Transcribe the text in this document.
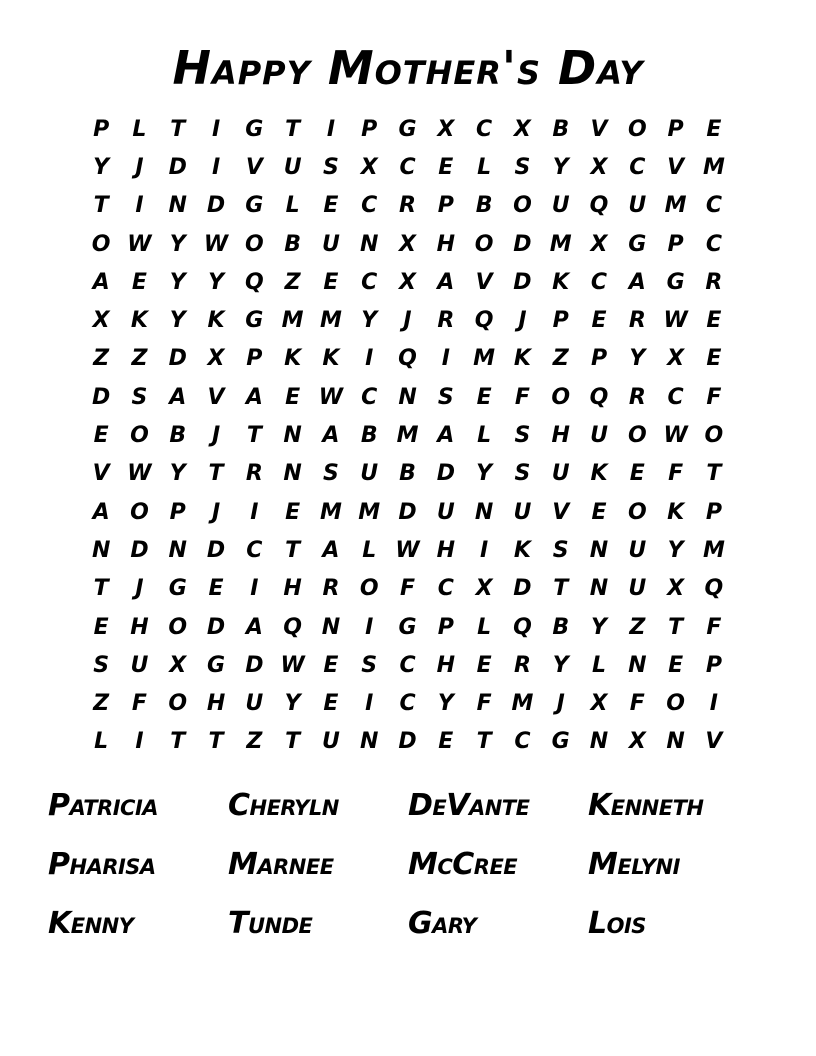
Happy Mother's Day
P	L	T	I	G T	I	P G X C X B V O P	E
Y	J	D	I	V U S X C	E	L	S	Y X C V M
T	I	N D G	L	E	C R P B O U Q U M C
O W Y W O B U N X H O D M X G P	C
A	E	Y	Y Q Z	E	C X A V D K C A G R
X K Y K G M M Y	J	R Q	J	P	E	R W E
Z	Z D X P K K	I	Q	I	M K Z	P	Y X	E
D S A V A	E W C N S	E	F O Q R C	F
E O B	J	T N A B M A	L	S H U O W O
V W Y	T	R N S U B D Y	S U K	E	F	T
A O P	J	I	E M M D U N U V	E O K P
N D N D C	T	A	L W H	I	K S N U Y M
T	J	G E	I	H R O F	C X D T N U X Q
E H O D A Q N	I	G P	L Q B Y	Z	T	F
S U X G D W E	S	C H E	R Y	L	N E	P
Z	F O H U Y	E	I	C	Y	F M	J	X	F O	I
L	I	T	T	Z	T U N D E	T	C G N X N V
Patricia	Cheryln	DeVante	Kenneth
Pharisa	Marnee	McCree	Melyni
Kenny	Tunde	Gary	Lois
